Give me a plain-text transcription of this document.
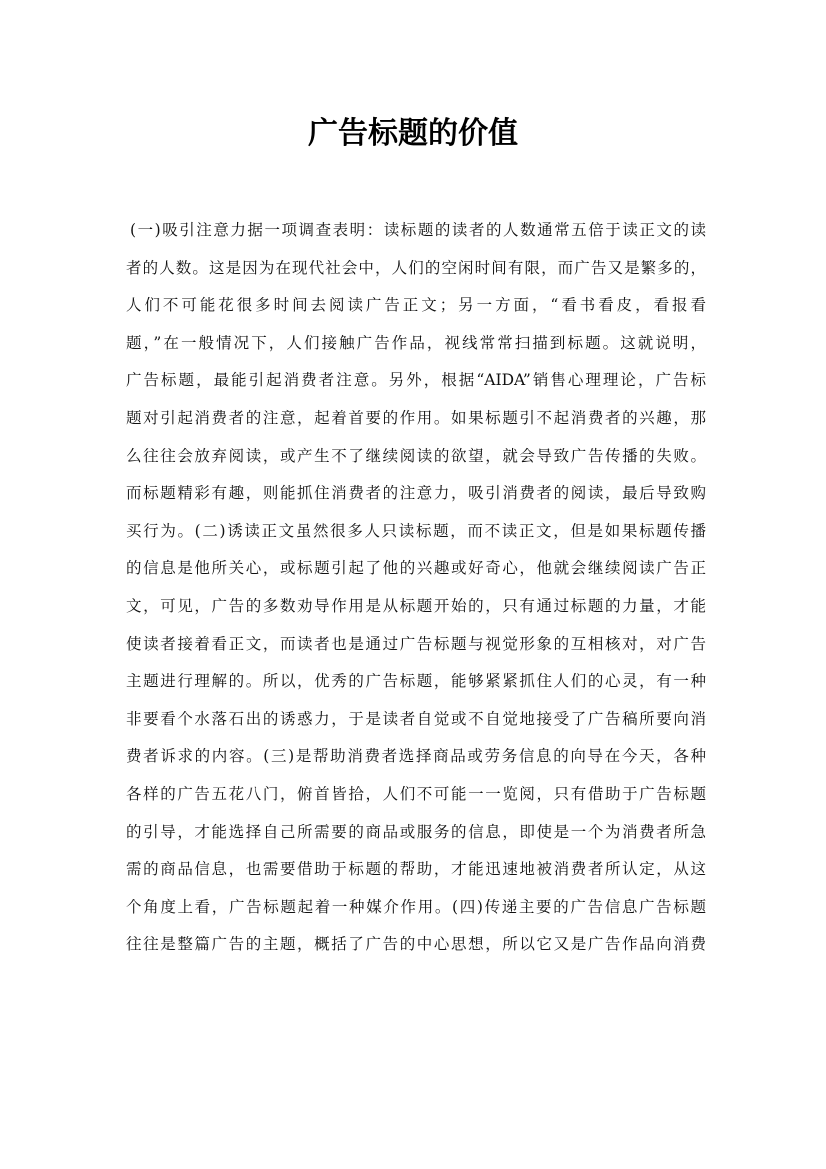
广告标题的价值
(一)吸引注意力据一项调查表明：读标题的读者的人数通常五倍于读正文的读
者的人数。这是因为在现代社会中，人们的空闲时间有限，而广告又是繁多的，
人们不可能花很多时间去阅读广告正文；另一方面，“看书看皮，看报看
题，”在一般情况下，人们接触广告作品，视线常常扫描到标题。这就说明，
广告标题，最能引起消费者注意。另外，根据“AIDA”销售心理理论，广告标
题对引起消费者的注意，起着首要的作用。如果标题引不起消费者的兴趣，那
么往往会放弃阅读，或产生不了继续阅读的欲望，就会导致广告传播的失败。
而标题精彩有趣，则能抓住消费者的注意力，吸引消费者的阅读，最后导致购
买行为。(二)诱读正文虽然很多人只读标题，而不读正文，但是如果标题传播
的信息是他所关心，或标题引起了他的兴趣或好奇心，他就会继续阅读广告正
文，可见，广告的多数劝导作用是从标题开始的，只有通过标题的力量，才能
使读者接着看正文，而读者也是通过广告标题与视觉形象的互相核对，对广告
主题进行理解的。所以，优秀的广告标题，能够紧紧抓住人们的心灵，有一种
非要看个水落石出的诱惑力，于是读者自觉或不自觉地接受了广告稿所要向消
费者诉求的内容。(三)是帮助消费者选择商品或劳务信息的向导在今天，各种
各样的广告五花八门，俯首皆拾，人们不可能一一览阅，只有借助于广告标题
的引导，才能选择自己所需要的商品或服务的信息，即使是一个为消费者所急
需的商品信息，也需要借助于标题的帮助，才能迅速地被消费者所认定，从这
个角度上看，广告标题起着一种媒介作用。(四)传递主要的广告信息广告标题
往往是整篇广告的主题，概括了广告的中心思想，所以它又是广告作品向消费
